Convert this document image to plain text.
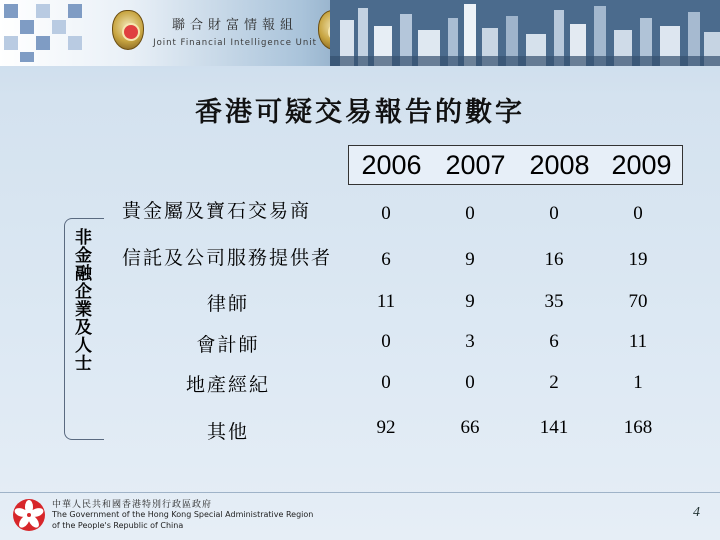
聯合財富情報組
Joint Financial Intelligence Unit
香港可疑交易報告的數字
非金融企業及人士
2006 2007 2008 2009
貴金屬及寶石交易商	0	0	0	0
信託及公司服務提供者	6	9	16	19
律師	11	9	35	70
會計師	0	3	6	11
地產經紀	0	0	2	1
其他	92	66	141	168
中華人民共和國香港特別行政區政府
The Government of the Hong Kong Special Administrative Region
of the People's Republic of China
4
